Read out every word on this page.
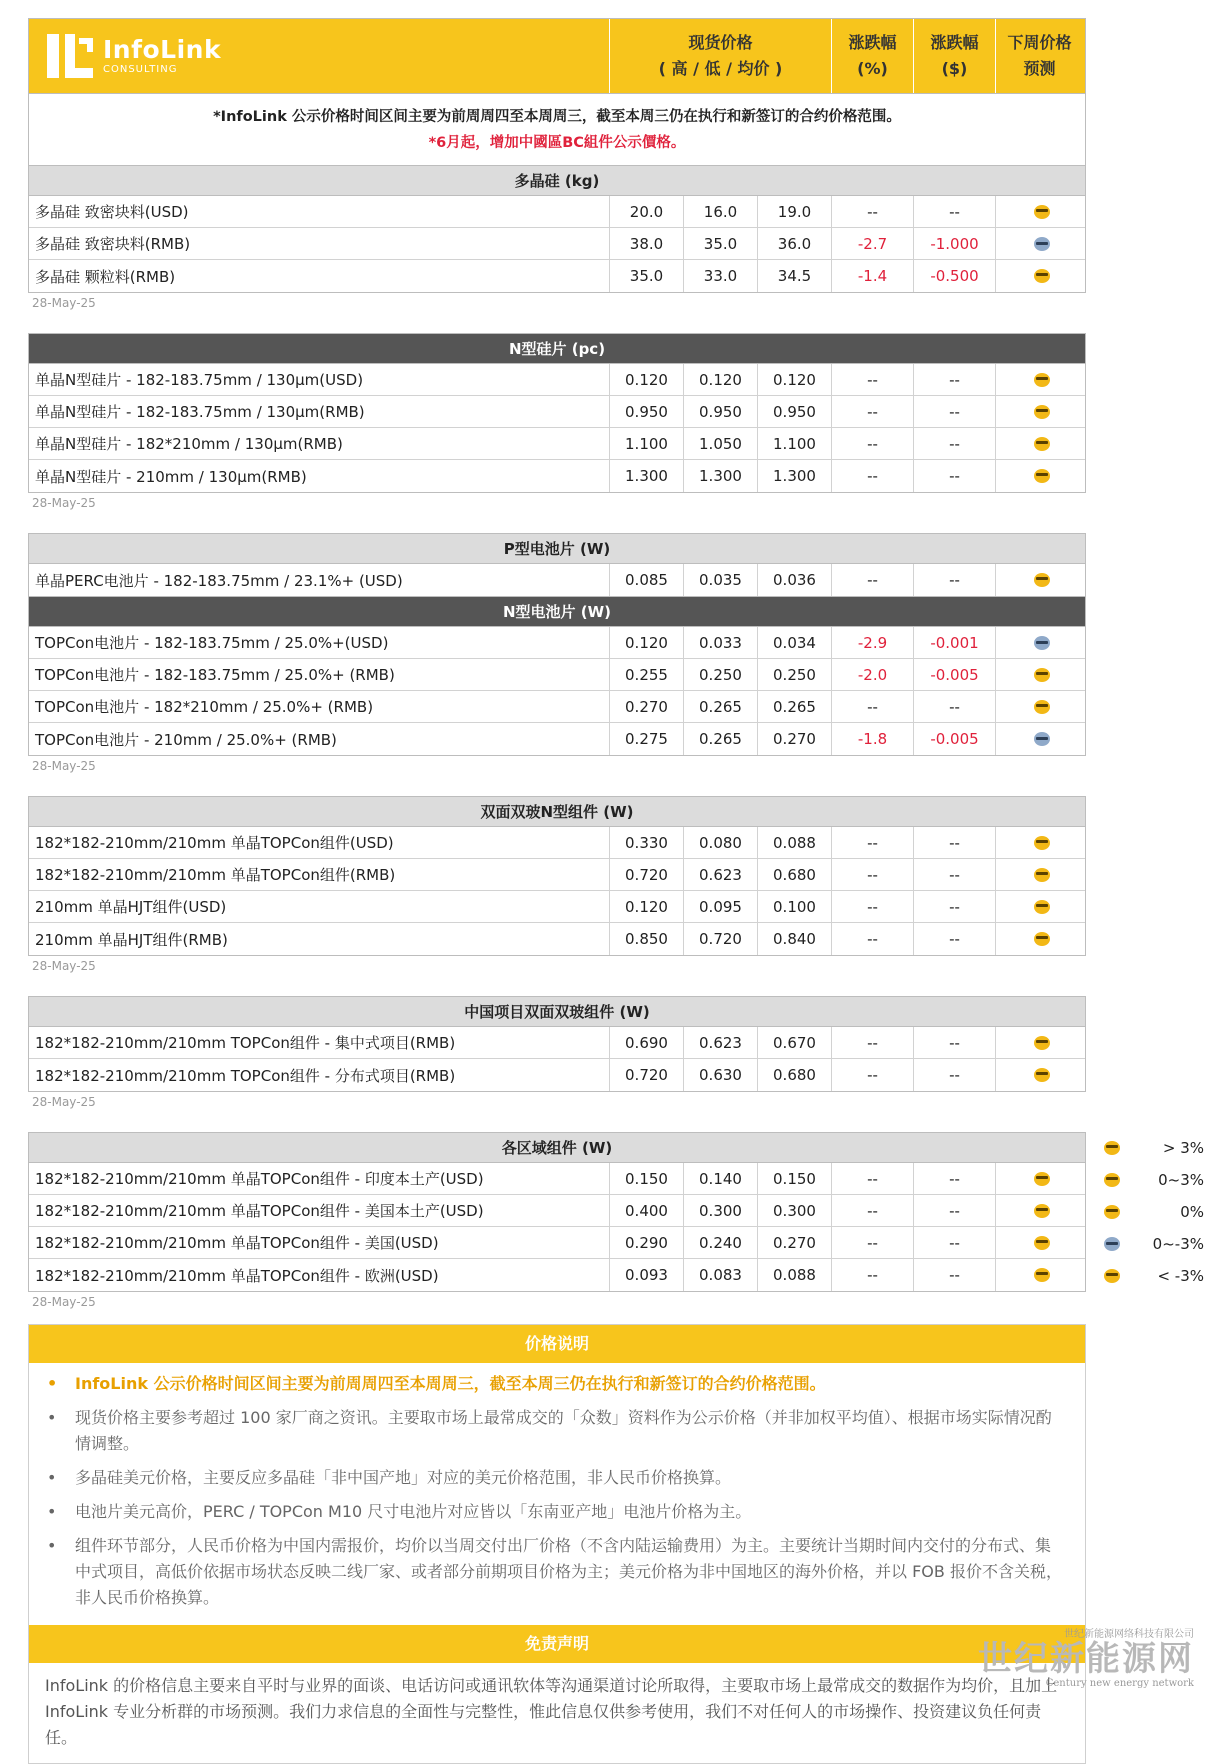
InfoLink
CONSULTING
现货价格
( 高 / 低 / 均价 )
涨跌幅
(%)
涨跌幅
($)
下周价格
预测
*InfoLink 公示价格时间区间主要为前周周四至本周周三，截至本周三仍在执行和新签订的合约价格范围。
*6月起，增加中國區BC組件公示價格。
多晶硅 (kg)
多晶硅 致密块料(USD)	20.0	16.0	19.0	--	--
多晶硅 致密块料(RMB)	38.0	35.0	36.0	-2.7	-1.000
多晶硅 颗粒料(RMB)	35.0	33.0	34.5	-1.4	-0.500
28-May-25
N型硅片 (pc)
单晶N型硅片 - 182-183.75mm / 130μm(USD)	0.120	0.120	0.120	--	--
单晶N型硅片 - 182-183.75mm / 130μm(RMB)	0.950	0.950	0.950	--	--
单晶N型硅片 - 182*210mm / 130μm(RMB)	1.100	1.050	1.100	--	--
单晶N型硅片 - 210mm / 130μm(RMB)	1.300	1.300	1.300	--	--
28-May-25
P型电池片 (W)
单晶PERC电池片 - 182-183.75mm / 23.1%+ (USD)	0.085	0.035	0.036	--	--
N型电池片 (W)
TOPCon电池片 - 182-183.75mm / 25.0%+(USD)	0.120	0.033	0.034	-2.9	-0.001
TOPCon电池片 - 182-183.75mm / 25.0%+ (RMB)	0.255	0.250	0.250	-2.0	-0.005
TOPCon电池片 - 182*210mm / 25.0%+ (RMB)	0.270	0.265	0.265	--	--
TOPCon电池片 - 210mm / 25.0%+ (RMB)	0.275	0.265	0.270	-1.8	-0.005
28-May-25
双面双玻N型组件 (W)
182*182-210mm/210mm 单晶TOPCon组件(USD)	0.330	0.080	0.088	--	--
182*182-210mm/210mm 单晶TOPCon组件(RMB)	0.720	0.623	0.680	--	--
210mm 单晶HJT组件(USD)	0.120	0.095	0.100	--	--
210mm 单晶HJT组件(RMB)	0.850	0.720	0.840	--	--
28-May-25
中国项目双面双玻组件 (W)
182*182-210mm/210mm TOPCon组件 - 集中式项目(RMB)	0.690	0.623	0.670	--	--
182*182-210mm/210mm TOPCon组件 - 分布式项目(RMB)	0.720	0.630	0.680	--	--
28-May-25
各区域组件 (W)
182*182-210mm/210mm 单晶TOPCon组件 - 印度本土产(USD)	0.150	0.140	0.150	--	--
182*182-210mm/210mm 单晶TOPCon组件 - 美国本土产(USD)	0.400	0.300	0.300	--	--
182*182-210mm/210mm 单晶TOPCon组件 - 美国(USD)	0.290	0.240	0.270	--	--
182*182-210mm/210mm 单晶TOPCon组件 - 欧洲(USD)	0.093	0.083	0.088	--	--
28-May-25
价格说明
•	InfoLink 公示价格时间区间主要为前周周四至本周周三，截至本周三仍在执行和新签订的合约价格范围。
•	现货价格主要参考超过 100 家厂商之资讯。主要取市场上最常成交的「众数」资料作为公示价格（并非加权平均值）、根据市场实际情况酌情调整。
•	多晶硅美元价格，主要反应多晶硅「非中国产地」对应的美元价格范围，非人民币价格换算。
•	电池片美元高价，PERC / TOPCon M10 尺寸电池片对应皆以「东南亚产地」电池片价格为主。
•	组件环节部分，人民币价格为中国内需报价，均价以当周交付出厂价格（不含内陆运输费用）为主。主要统计当期时间内交付的分布式、集中式项目，高低价依据市场状态反映二线厂家、或者部分前期项目价格为主；美元价格为非中国地区的海外价格，并以 FOB 报价不含关税，非人民币价格换算。
免责声明
InfoLink 的价格信息主要来自平时与业界的面谈、电话访问或通讯软体等沟通渠道讨论所取得，主要取市场上最常成交的数据作为均价，且加上 InfoLink 专业分析群的市场预测。我们力求信息的全面性与完整性，惟此信息仅供参考使用，我们不对任何人的市场操作、投资建议负任何责任。
> 3%
0~3%
0%
0~-3%
< -3%
世纪新能源网络科技有限公司
世纪新能源网
Century new energy network
